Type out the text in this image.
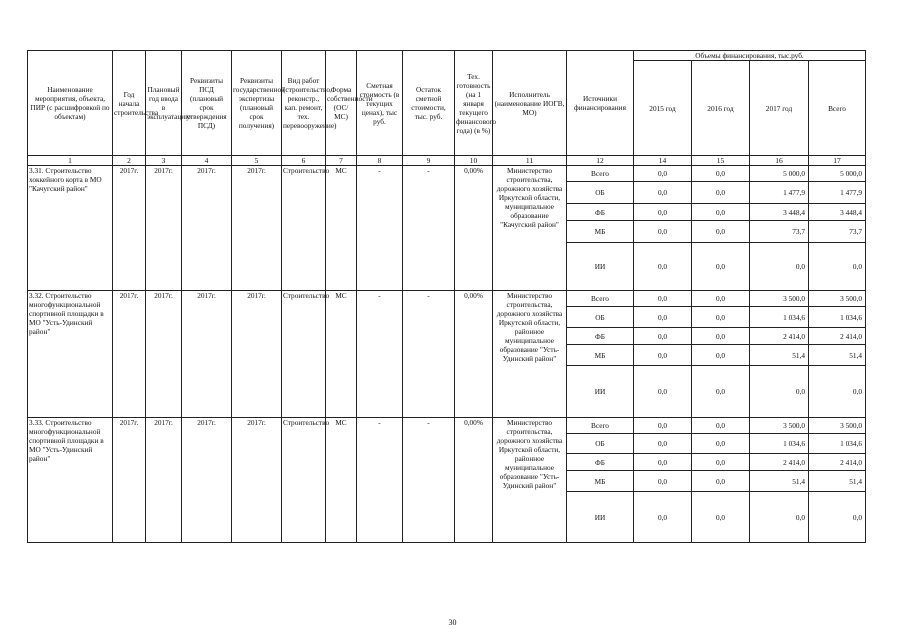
Наименование мероприятия, объекта, ПИР (с расшифровкой по объектам)	Год начала строительства	Плановый год ввода в эксплуатацию	Реквизиты ПСД (плановый срок утверждения ПСД)	Реквизиты государственной экспертизы (плановый срок получения)	Вид работ (строительство, реконстр., кап. ремонт, тех. перевооружение)	Форма собственности (ОС/МС)	Сметная стоимость (в текущих ценах), тыс руб.	Остаток сметной стоимости, тыс. руб.	Тех. готовность (на 1 января текущего финансового года) (в %)	Исполнитель (наименование ИОГВ, МО)	Источники финансирования	Объемы финансирования, тыс.руб.			
												2015 год	2016 год	2017 год	Всего
1	2	3	4	5	6	7	8	9	10	11	12	14	15	16	17
3.31. Строительство хоккейного корта в МО "Качугский район"	2017г.	2017г.	2017г.	2017г.	Строительство	МС	-	-	0,00%	Министерство строительства, дорожного хозяйства Иркутской области, муниципальное образование "Качугский район"	Всего	0,0	0,0	5 000,0	5 000,0
											ОБ	0,0	0,0	1 477,9	1 477,9
											ФБ	0,0	0,0	3 448,4	3 448,4
											МБ	0,0	0,0	73,7	73,7
											ИИ	0,0	0,0	0,0	0,0
3.32. Строительство многофункциональной спортивной площадки в МО "Усть-Удинский район"	2017г.	2017г.	2017г.	2017г.	Строительство	МС	-	-	0,00%	Министерство строительства, дорожного хозяйства Иркутской области, районное муниципальное образование "Усть-Удинский район"	Всего	0,0	0,0	3 500,0	3 500,0
											ОБ	0,0	0,0	1 034,6	1 034,6
											ФБ	0,0	0,0	2 414,0	2 414,0
											МБ	0,0	0,0	51,4	51,4
											ИИ	0,0	0,0	0,0	0,0
3.33. Строительство многофункциональной спортивной площадки в МО "Усть-Удинский район"	2017г.	2017г.	2017г.	2017г.	Строительство	МС	-	-	0,00%	Министерство строительства, дорожного хозяйства Иркутской области, районное муниципальное образование "Усть-Удинский район"	Всего	0,0	0,0	3 500,0	3 500,0
											ОБ	0,0	0,0	1 034,6	1 034,6
											ФБ	0,0	0,0	2 414,0	2 414,0
											МБ	0,0	0,0	51,4	51,4
											ИИ	0,0	0,0	0,0	0,0
30
